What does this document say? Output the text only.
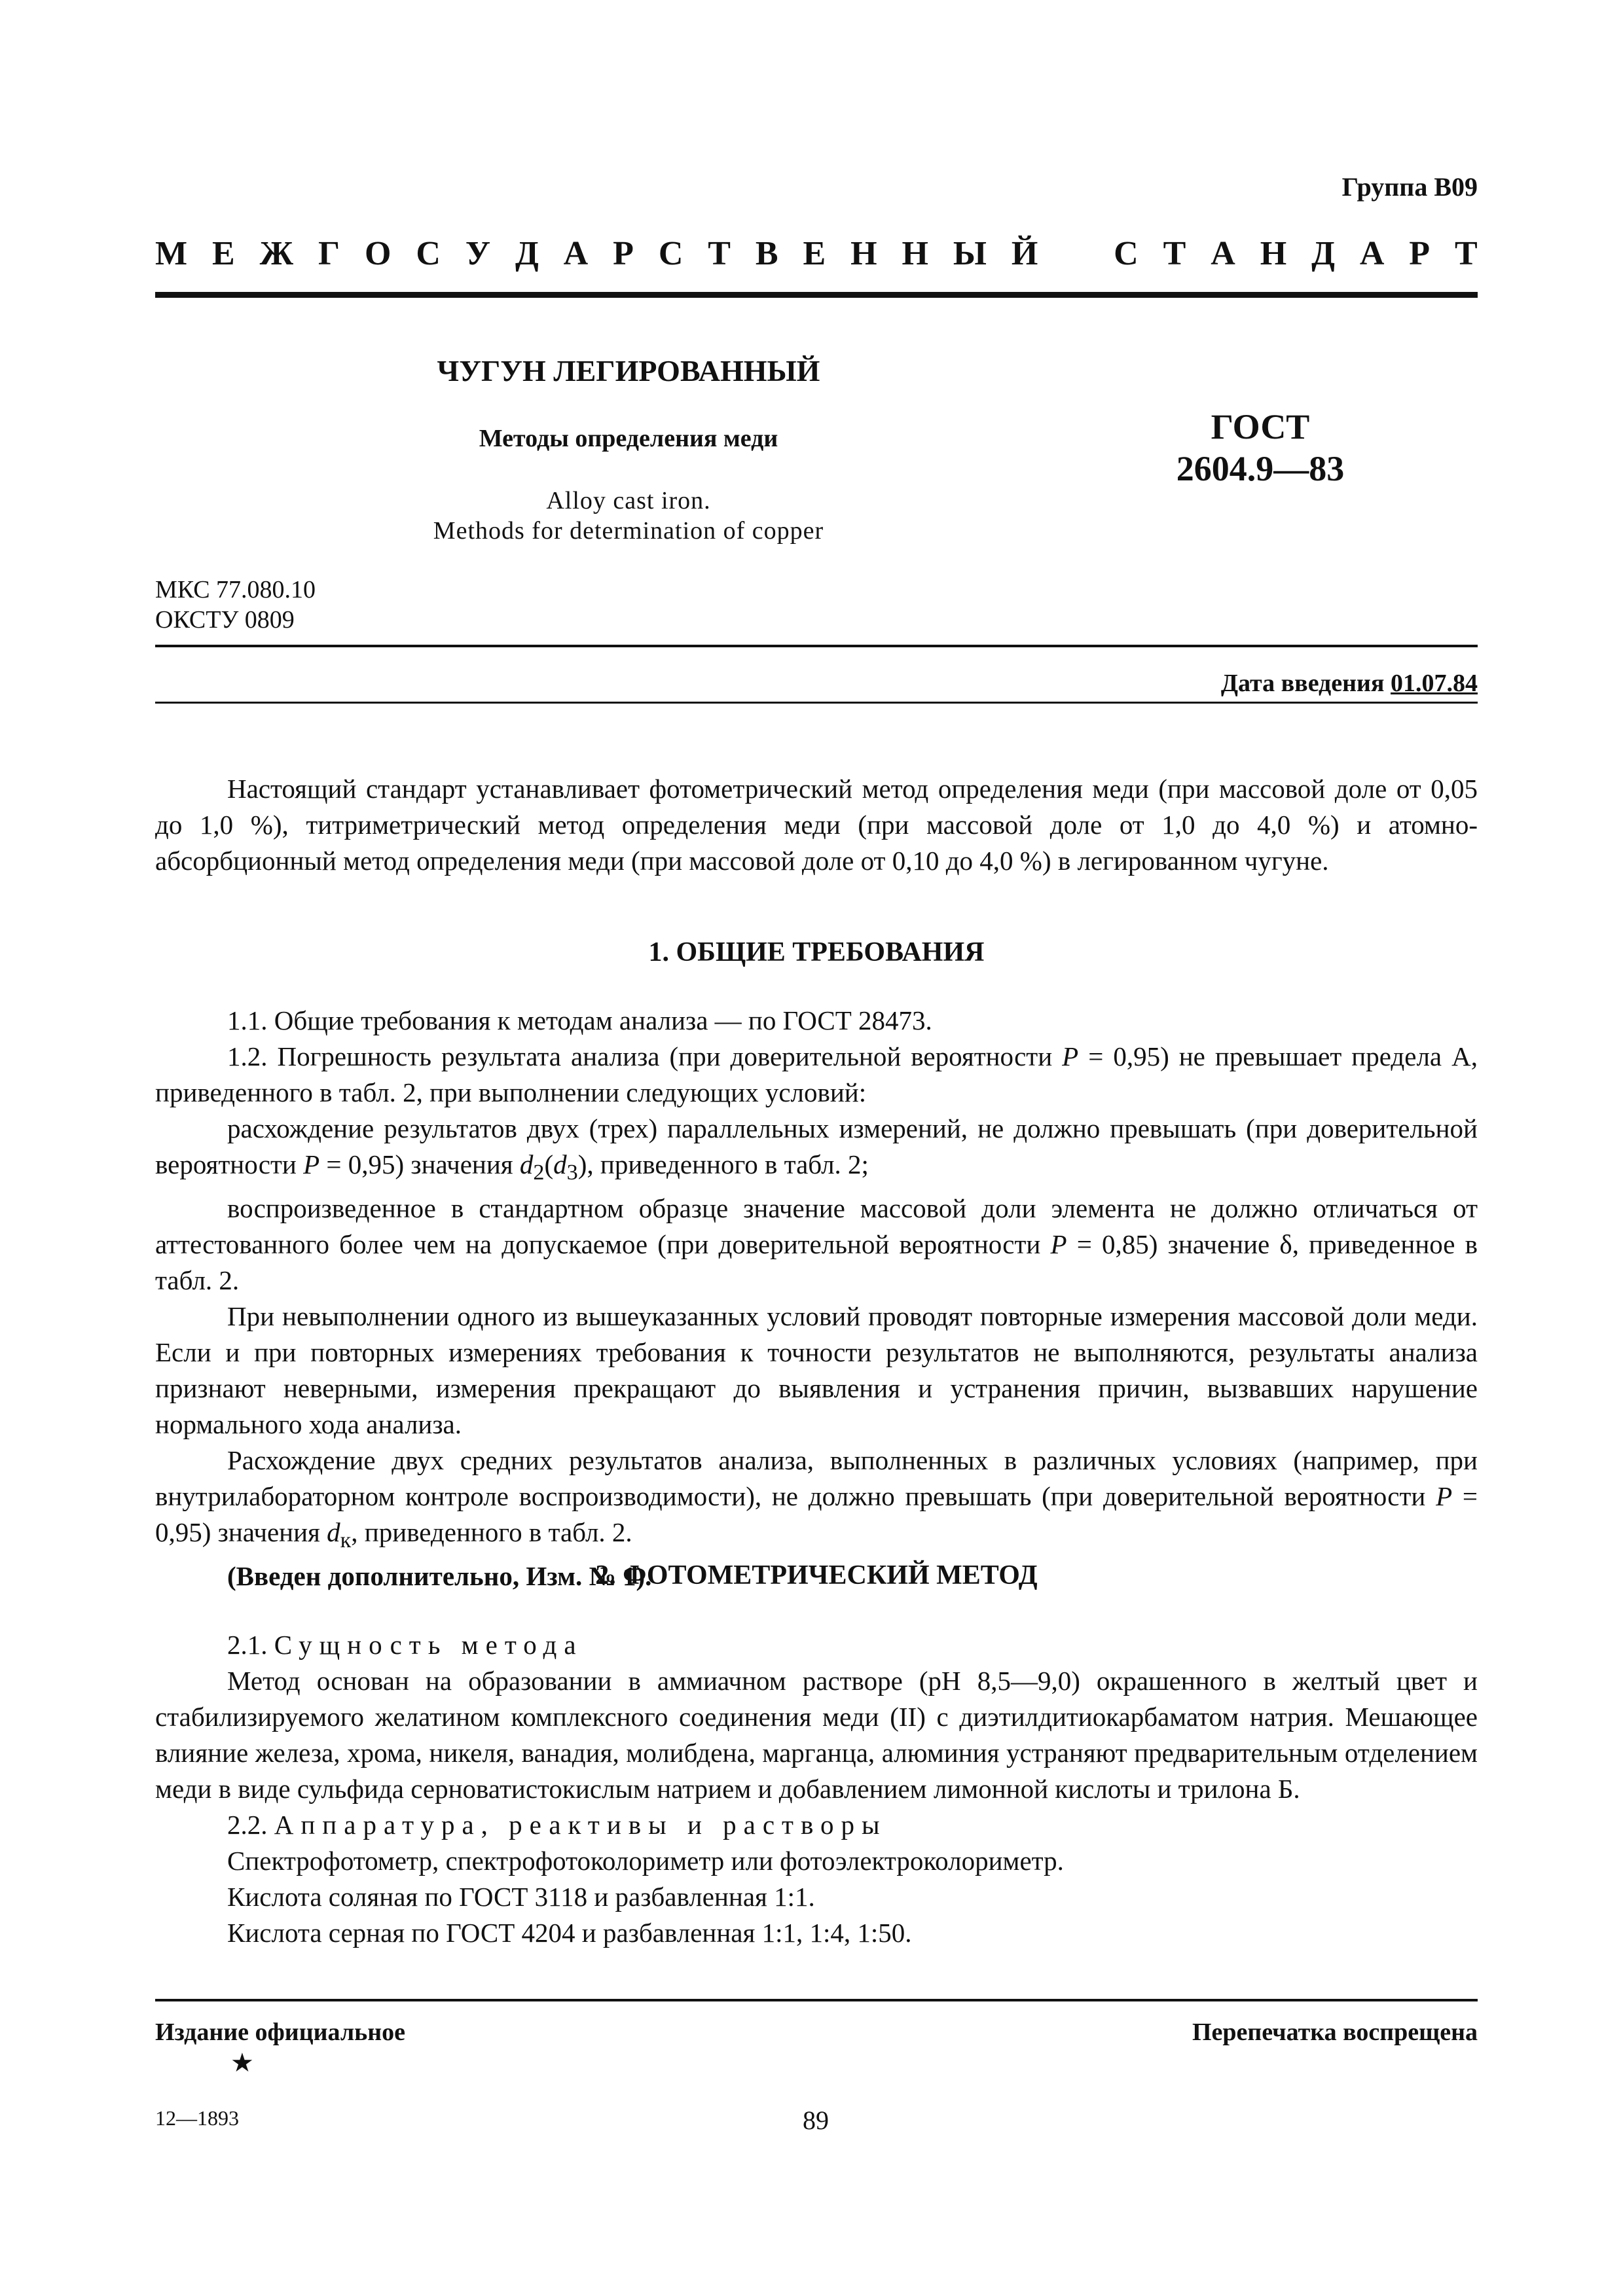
Группа В09
М Е Ж Г О С У Д А Р С Т В Е Н Н Ы Й С Т А Н Д А Р Т
ЧУГУН ЛЕГИРОВАННЫЙ
Методы определения меди
Alloy cast iron.
Methods for determination of copper
ГОСТ
2604.9—83
МКС 77.080.10
ОКСТУ 0809
Дата введения 01.07.84

Настоящий стандарт устанавливает фотометрический метод определения меди (при массовой доле от 0,05 до 1,0 %), титриметрический метод определения меди (при массовой доле от 1,0 до 4,0 %) и атомно-абсорбционный метод определения меди (при массовой доле от 0,10 до 4,0 %) в легированном чугуне.

1. ОБЩИЕ ТРЕБОВАНИЯ

1.1. Общие требования к методам анализа — по ГОСТ 28473.

1.2. Погрешность результата анализа (при доверительной вероятности P = 0,95) не превышает предела А, приведенного в табл. 2, при выполнении следующих условий:

расхождение результатов двух (трех) параллельных измерений, не должно превышать (при доверительной вероятности P = 0,95) значения $d_2(d_3)$, приведенного в табл. 2;

воспроизведенное в стандартном образце значение массовой доли элемента не должно отличаться от аттестованного более чем на допускаемое (при доверительной вероятности P = 0,85) значение δ, приведенное в табл. 2.

При невыполнении одного из вышеуказанных условий проводят повторные измерения массовой доли меди. Если и при повторных измерениях требования к точности результатов не выполняются, результаты анализа признают неверными, измерения прекращают до выявления и устранения причин, вызвавших нарушение нормального хода анализа.

Расхождение двух средних результатов анализа, выполненных в различных условиях (например, при внутрилабораторном контроле воспроизводимости), не должно превышать (при доверительной вероятности P = 0,95) значения $d_к$, приведенного в табл. 2.

(Введен дополнительно, Изм. № 1).

2. ФОТОМЕТРИЧЕСКИЙ МЕТОД

2.1. Сущность метода

Метод основан на образовании в аммиачном растворе (рН 8,5—9,0) окрашенного в желтый цвет и стабилизируемого желатином комплексного соединения меди (II) с диэтилдитиокарбаматом натрия. Мешающее влияние железа, хрома, никеля, ванадия, молибдена, марганца, алюминия устраняют предварительным отделением меди в виде сульфида серноватистокислым натрием и добавлением лимонной кислоты и трилона Б.

2.2. Аппаратура, реактивы и растворы

Спектрофотометр, спектрофотоколориметр или фотоэлектроколориметр.

Кислота соляная по ГОСТ 3118 и разбавленная 1:1.

Кислота серная по ГОСТ 4204 и разбавленная 1:1, 1:4, 1:50.

Издание официальное
★
Перепечатка воспрещена
12—1893	89
